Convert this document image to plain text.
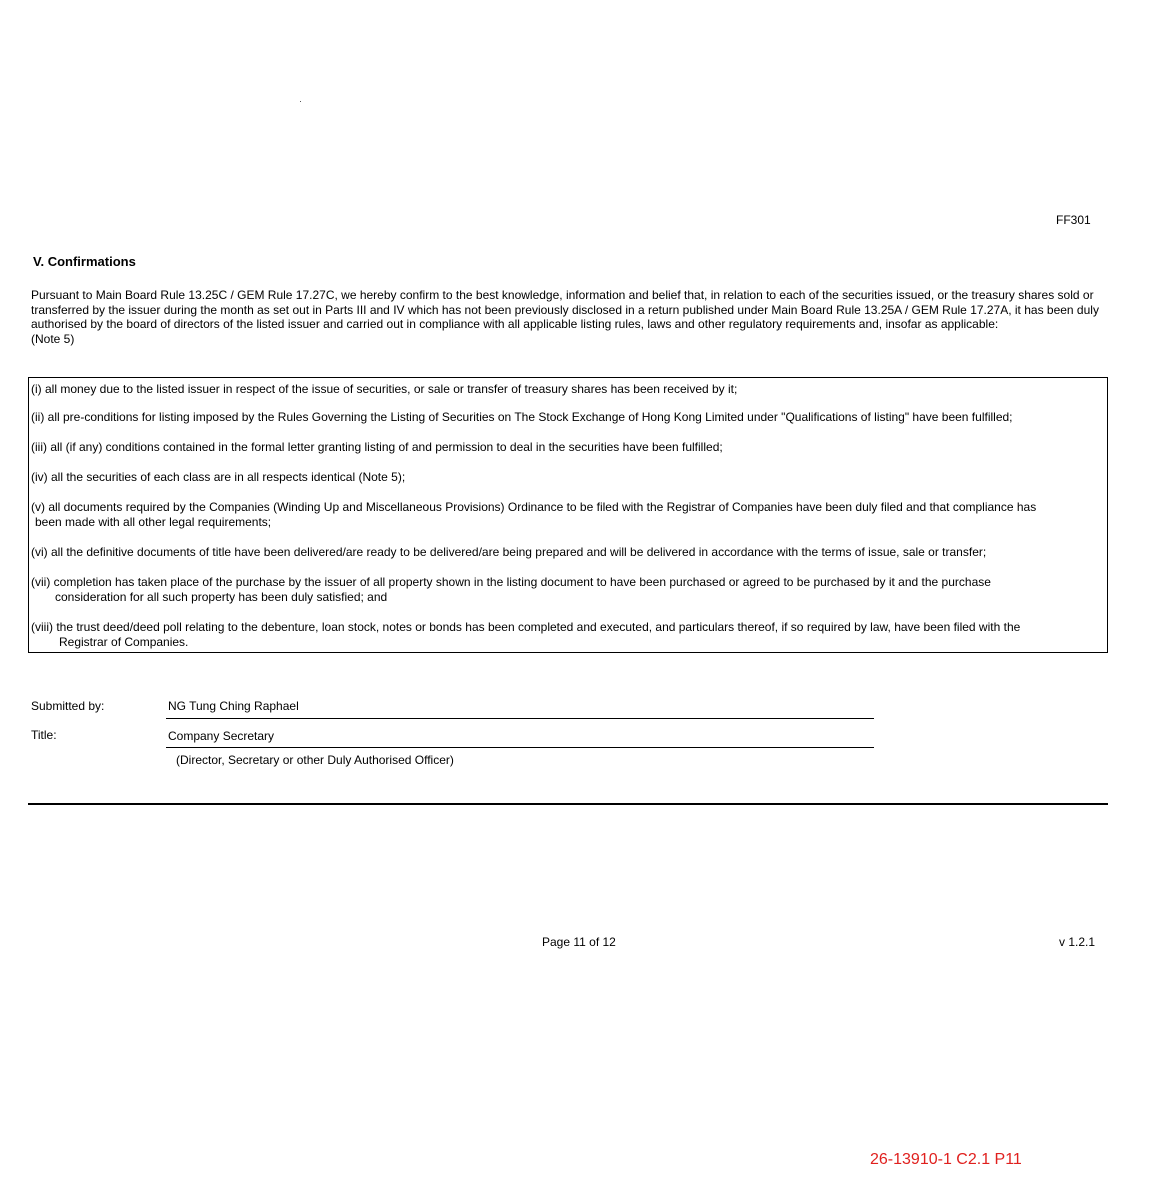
FF301
V. Confirmations
Pursuant to Main Board Rule 13.25C / GEM Rule 17.27C, we hereby confirm to the best knowledge, information and belief that, in relation to each of the securities issued, or the treasury shares sold or transferred by the issuer during the month as set out in Parts III and IV which has not been previously disclosed in a return published under Main Board Rule 13.25A / GEM Rule 17.27A, it has been duly authorised by the board of directors of the listed issuer and carried out in compliance with all applicable listing rules, laws and other regulatory requirements and, insofar as applicable:
(Note 5)
(i) all money due to the listed issuer in respect of the issue of securities, or sale or transfer of treasury shares has been received by it;
(ii) all pre-conditions for listing imposed by the Rules Governing the Listing of Securities on The Stock Exchange of Hong Kong Limited under "Qualifications of listing" have been fulfilled;
(iii) all (if any) conditions contained in the formal letter granting listing of and permission to deal in the securities have been fulfilled;
(iv) all the securities of each class are in all respects identical (Note 5);
(v) all documents required by the Companies (Winding Up and Miscellaneous Provisions) Ordinance to be filed with the Registrar of Companies have been duly filed and that compliance has
been made with all other legal requirements;
(vi) all the definitive documents of title have been delivered/are ready to be delivered/are being prepared and will be delivered in accordance with the terms of issue, sale or transfer;
(vii) completion has taken place of the purchase by the issuer of all property shown in the listing document to have been purchased or agreed to be purchased by it and the purchase
consideration for all such property has been duly satisfied; and
(viii) the trust deed/deed poll relating to the debenture, loan stock, notes or bonds has been completed and executed, and particulars thereof, if so required by law, have been filed with the
Registrar of Companies.
Submitted by:	NG Tung Ching Raphael
Title:	Company Secretary
(Director, Secretary or other Duly Authorised Officer)
Page 11 of 12	v 1.2.1
26-13910-1 C2.1 P11
